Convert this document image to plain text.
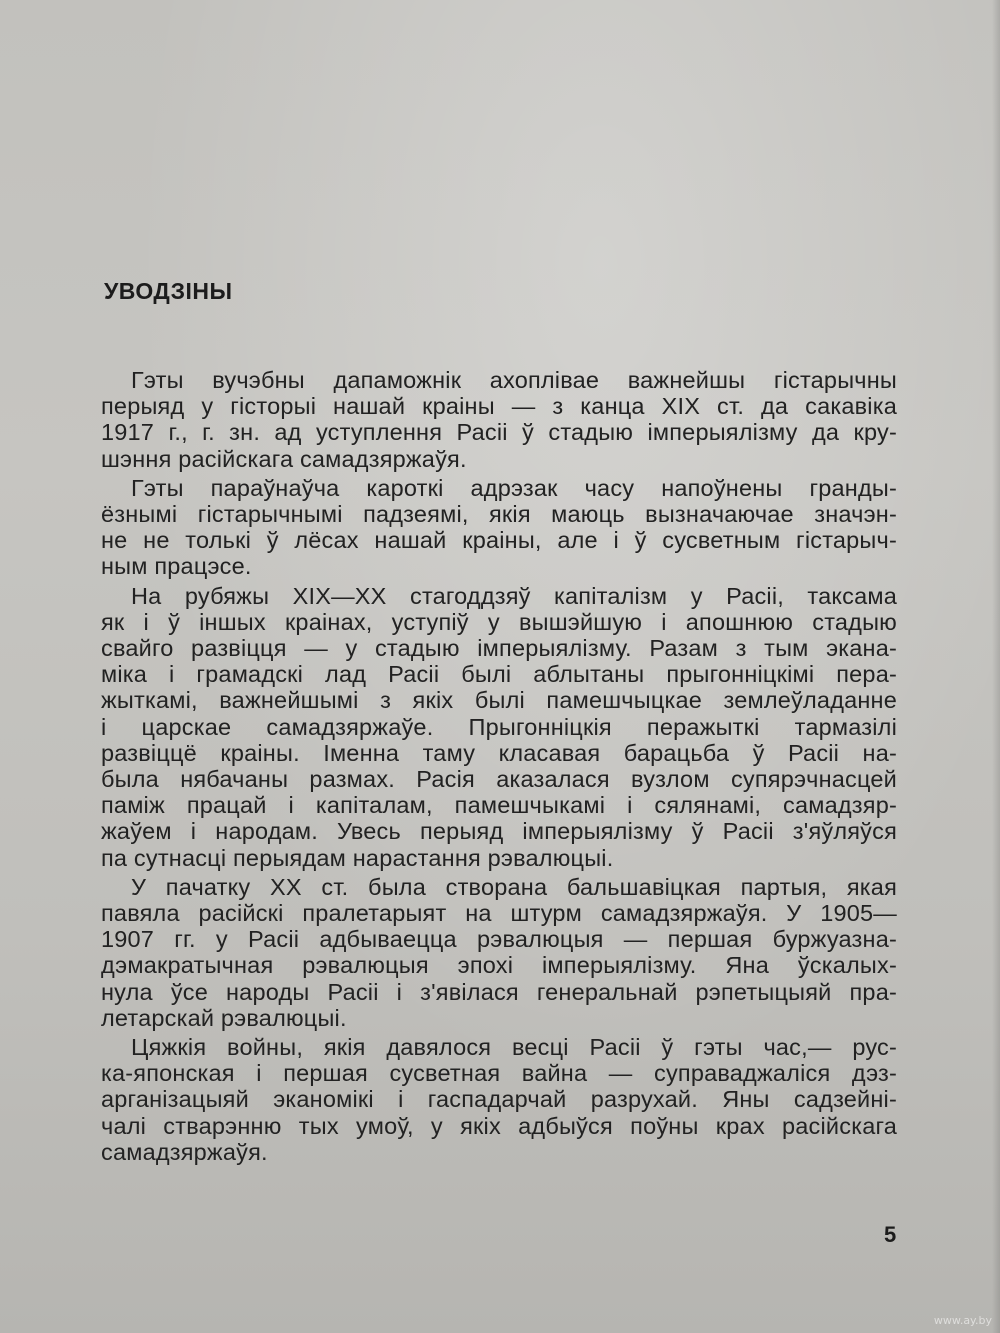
УВОДЗІНЫ

Гэты вучэбны дапаможнік ахоплівае важнейшы гістарычны
перыяд у гісторыі нашай краіны — з канца XIX ст. да сакавіка
1917 г., г. зн. ад уступлення Расіі ў стадыю імперыялізму да кру-
шэння расійскага самадзяржаўя.

Гэты параўнаўча кароткі адрэзак часу напоўнены гранды-
ёзнымі гістарычнымі падзеямі, якія маюць вызначаючае значэн-
не не толькі ў лёсах нашай краіны, але і ў сусветным гістарыч-
ным працэсе.

На рубяжы XIX—XX стагоддзяў капіталізм у Расіі, таксама
як і ў іншых краінах, уступіў у вышэйшую і апошнюю стадыю
свайго развіцця — у стадыю імперыялізму. Разам з тым экана-
міка і грамадскі лад Расіі былі аблытаны прыгонніцкімі пера-
жыткамі, важнейшымі з якіх былі памешчыцкае землеўладанне
і царскае самадзяржаўе. Прыгонніцкія перажыткі тармазілі
развіццё краіны. Іменна таму класавая барацьба ў Расіі на-
была нябачаны размах. Расія аказалася вузлом супярэчнасцей
паміж працай і капіталам, памешчыкамі і сялянамі, самадзяр-
жаўем і народам. Увесь перыяд імперыялізму ў Расіі з'яўляўся
па сутнасці перыядам нарастання рэвалюцыі.

У пачатку XX ст. была створана бальшавіцкая партыя, якая
павяла расійскі пралетарыят на штурм самадзяржаўя. У 1905—
1907 гг. у Расіі адбываецца рэвалюцыя — першая буржуазна-
дэмакратычная рэвалюцыя эпохі імперыялізму. Яна ўскалых-
нула ўсе народы Расіі і з'явілася генеральнай рэпетыцыяй пра-
летарскай рэвалюцыі.

Цяжкія войны, якія давялося весці Расіі ў гэты час,— рус-
ка-японская і першая сусветная вайна — суправаджаліся дэз-
арганізацыяй эканомікі і гаспадарчай разрухай. Яны садзейні-
чалі стварэнню тых умоў, у якіх адбыўся поўны крах расійскага
самадзяржаўя.

5
www.ay.by
